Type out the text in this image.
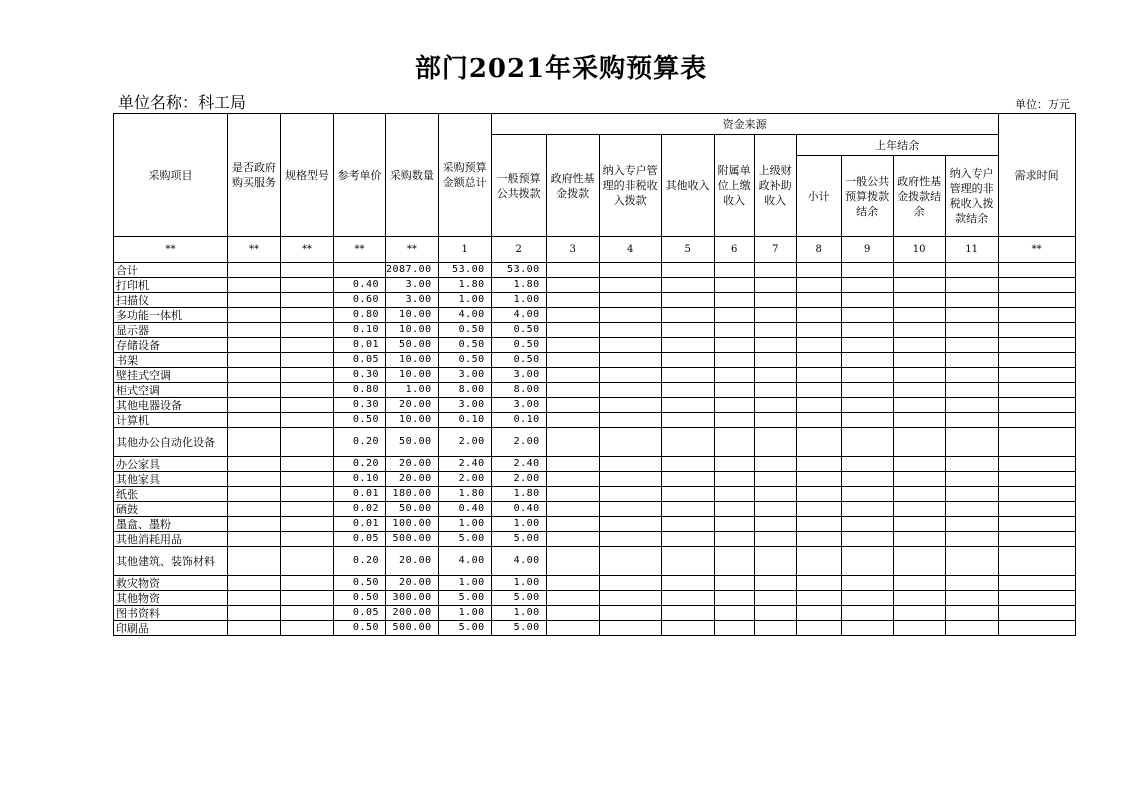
部门2021年采购预算表
单位名称：科工局	单位：万元
采购项目	是否政府购买服务	规格型号	参考单价	采购数量	采购预算金额总计	资金来源										需求时间
						一般预算公共拨款	政府性基金拨款	纳入专户管理的非税收入拨款	其他收入	附属单位上缴收入	上级财政补助收入	上年结余				
												小计	一般公共预算拨款结余	政府性基金拨款结余	纳入专户管理的非税收入拨款结余	
**	**	**	**	**	1	2	3	4	5	6	7	8	9	10	11	**
合计				2087.00	53.00	53.00										
打印机			0.40	3.00	1.80	1.80										
扫描仪			0.60	3.00	1.00	1.00										
多功能一体机			0.80	10.00	4.00	4.00										
显示器			0.10	10.00	0.50	0.50										
存储设备			0.01	50.00	0.50	0.50										
书架			0.05	10.00	0.50	0.50										
壁挂式空调			0.30	10.00	3.00	3.00										
柜式空调			0.80	1.00	8.00	8.00										
其他电器设备			0.30	20.00	3.00	3.00										
计算机			0.50	10.00	0.10	0.10										
其他办公自动化设备			0.20	50.00	2.00	2.00										
办公家具			0.20	20.00	2.40	2.40										
其他家具			0.10	20.00	2.00	2.00										
纸张			0.01	180.00	1.80	1.80										
硒鼓			0.02	50.00	0.40	0.40										
墨盒、墨粉			0.01	100.00	1.00	1.00										
其他消耗用品			0.05	500.00	5.00	5.00										
其他建筑、装饰材料			0.20	20.00	4.00	4.00										
救灾物资			0.50	20.00	1.00	1.00										
其他物资			0.50	300.00	5.00	5.00										
图书资料			0.05	200.00	1.00	1.00										
印刷品			0.50	500.00	5.00	5.00										
